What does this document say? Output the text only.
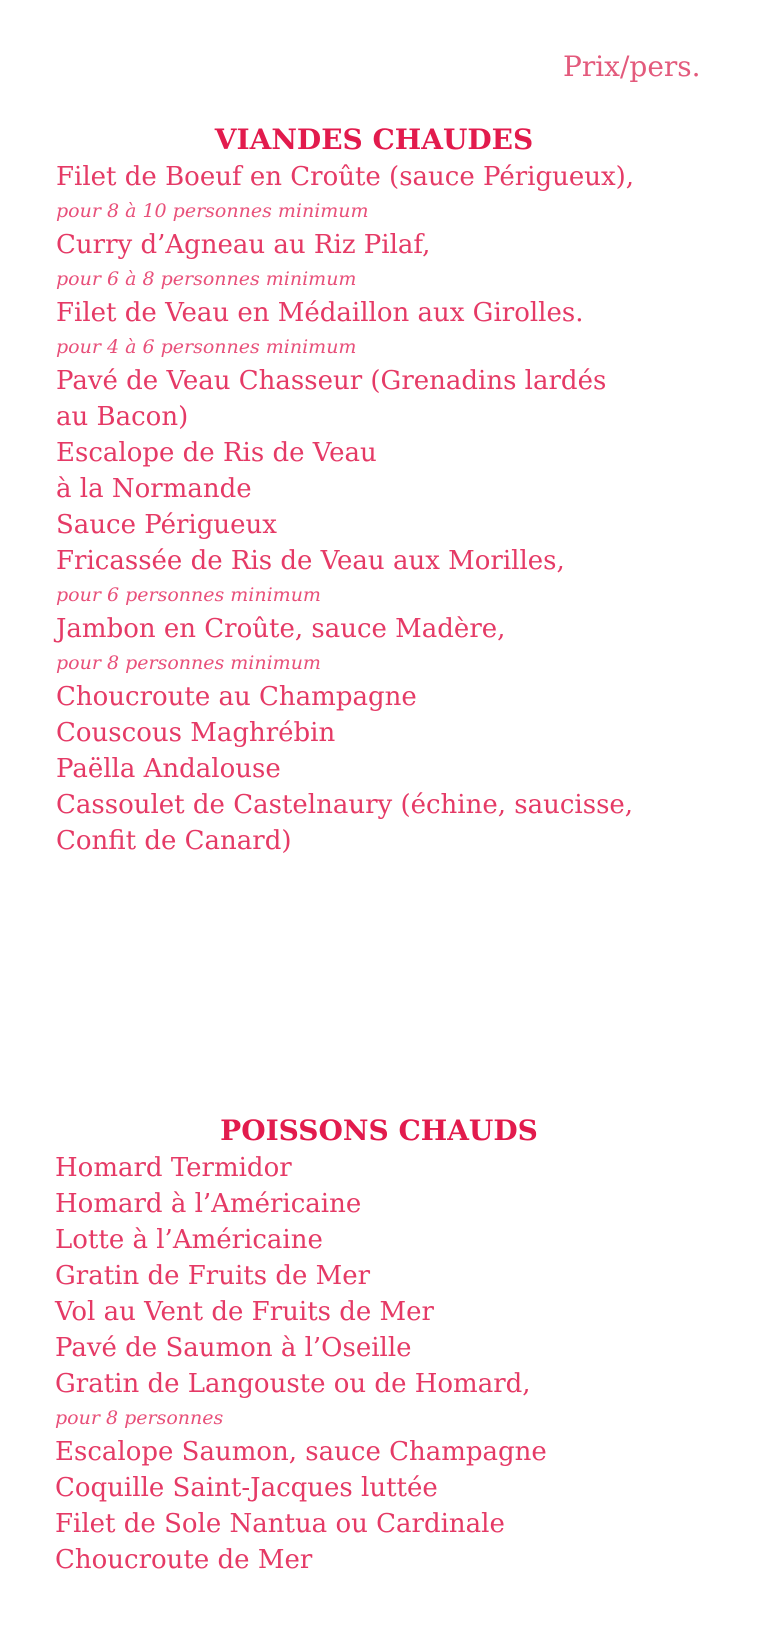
Prix/pers.
VIANDES CHAUDES
Filet de Boeuf en Croûte (sauce Périgueux),
pour 8 à 10 personnes minimum
Curry d’Agneau au Riz Pilaf,
pour 6 à 8 personnes minimum
Filet de Veau en Médaillon aux Girolles.
pour 4 à 6 personnes minimum
Pavé de Veau Chasseur (Grenadins lardés
au Bacon)
Escalope de Ris de Veau
à la Normande
Sauce Périgueux
Fricassée de Ris de Veau aux Morilles,
pour 6 personnes minimum
Jambon en Croûte, sauce Madère,
pour 8 personnes minimum
Choucroute au Champagne
Couscous Maghrébin
Paëlla Andalouse
Cassoulet de Castelnaury (échine, saucisse,
Confit de Canard)
POISSONS CHAUDS
Homard Termidor
Homard à l’Américaine
Lotte à l’Américaine
Gratin de Fruits de Mer
Vol au Vent de Fruits de Mer
Pavé de Saumon à l’Oseille
Gratin de Langouste ou de Homard,
pour 8 personnes
Escalope Saumon, sauce Champagne
Coquille Saint-Jacques luttée
Filet de Sole Nantua ou Cardinale
Choucroute de Mer
